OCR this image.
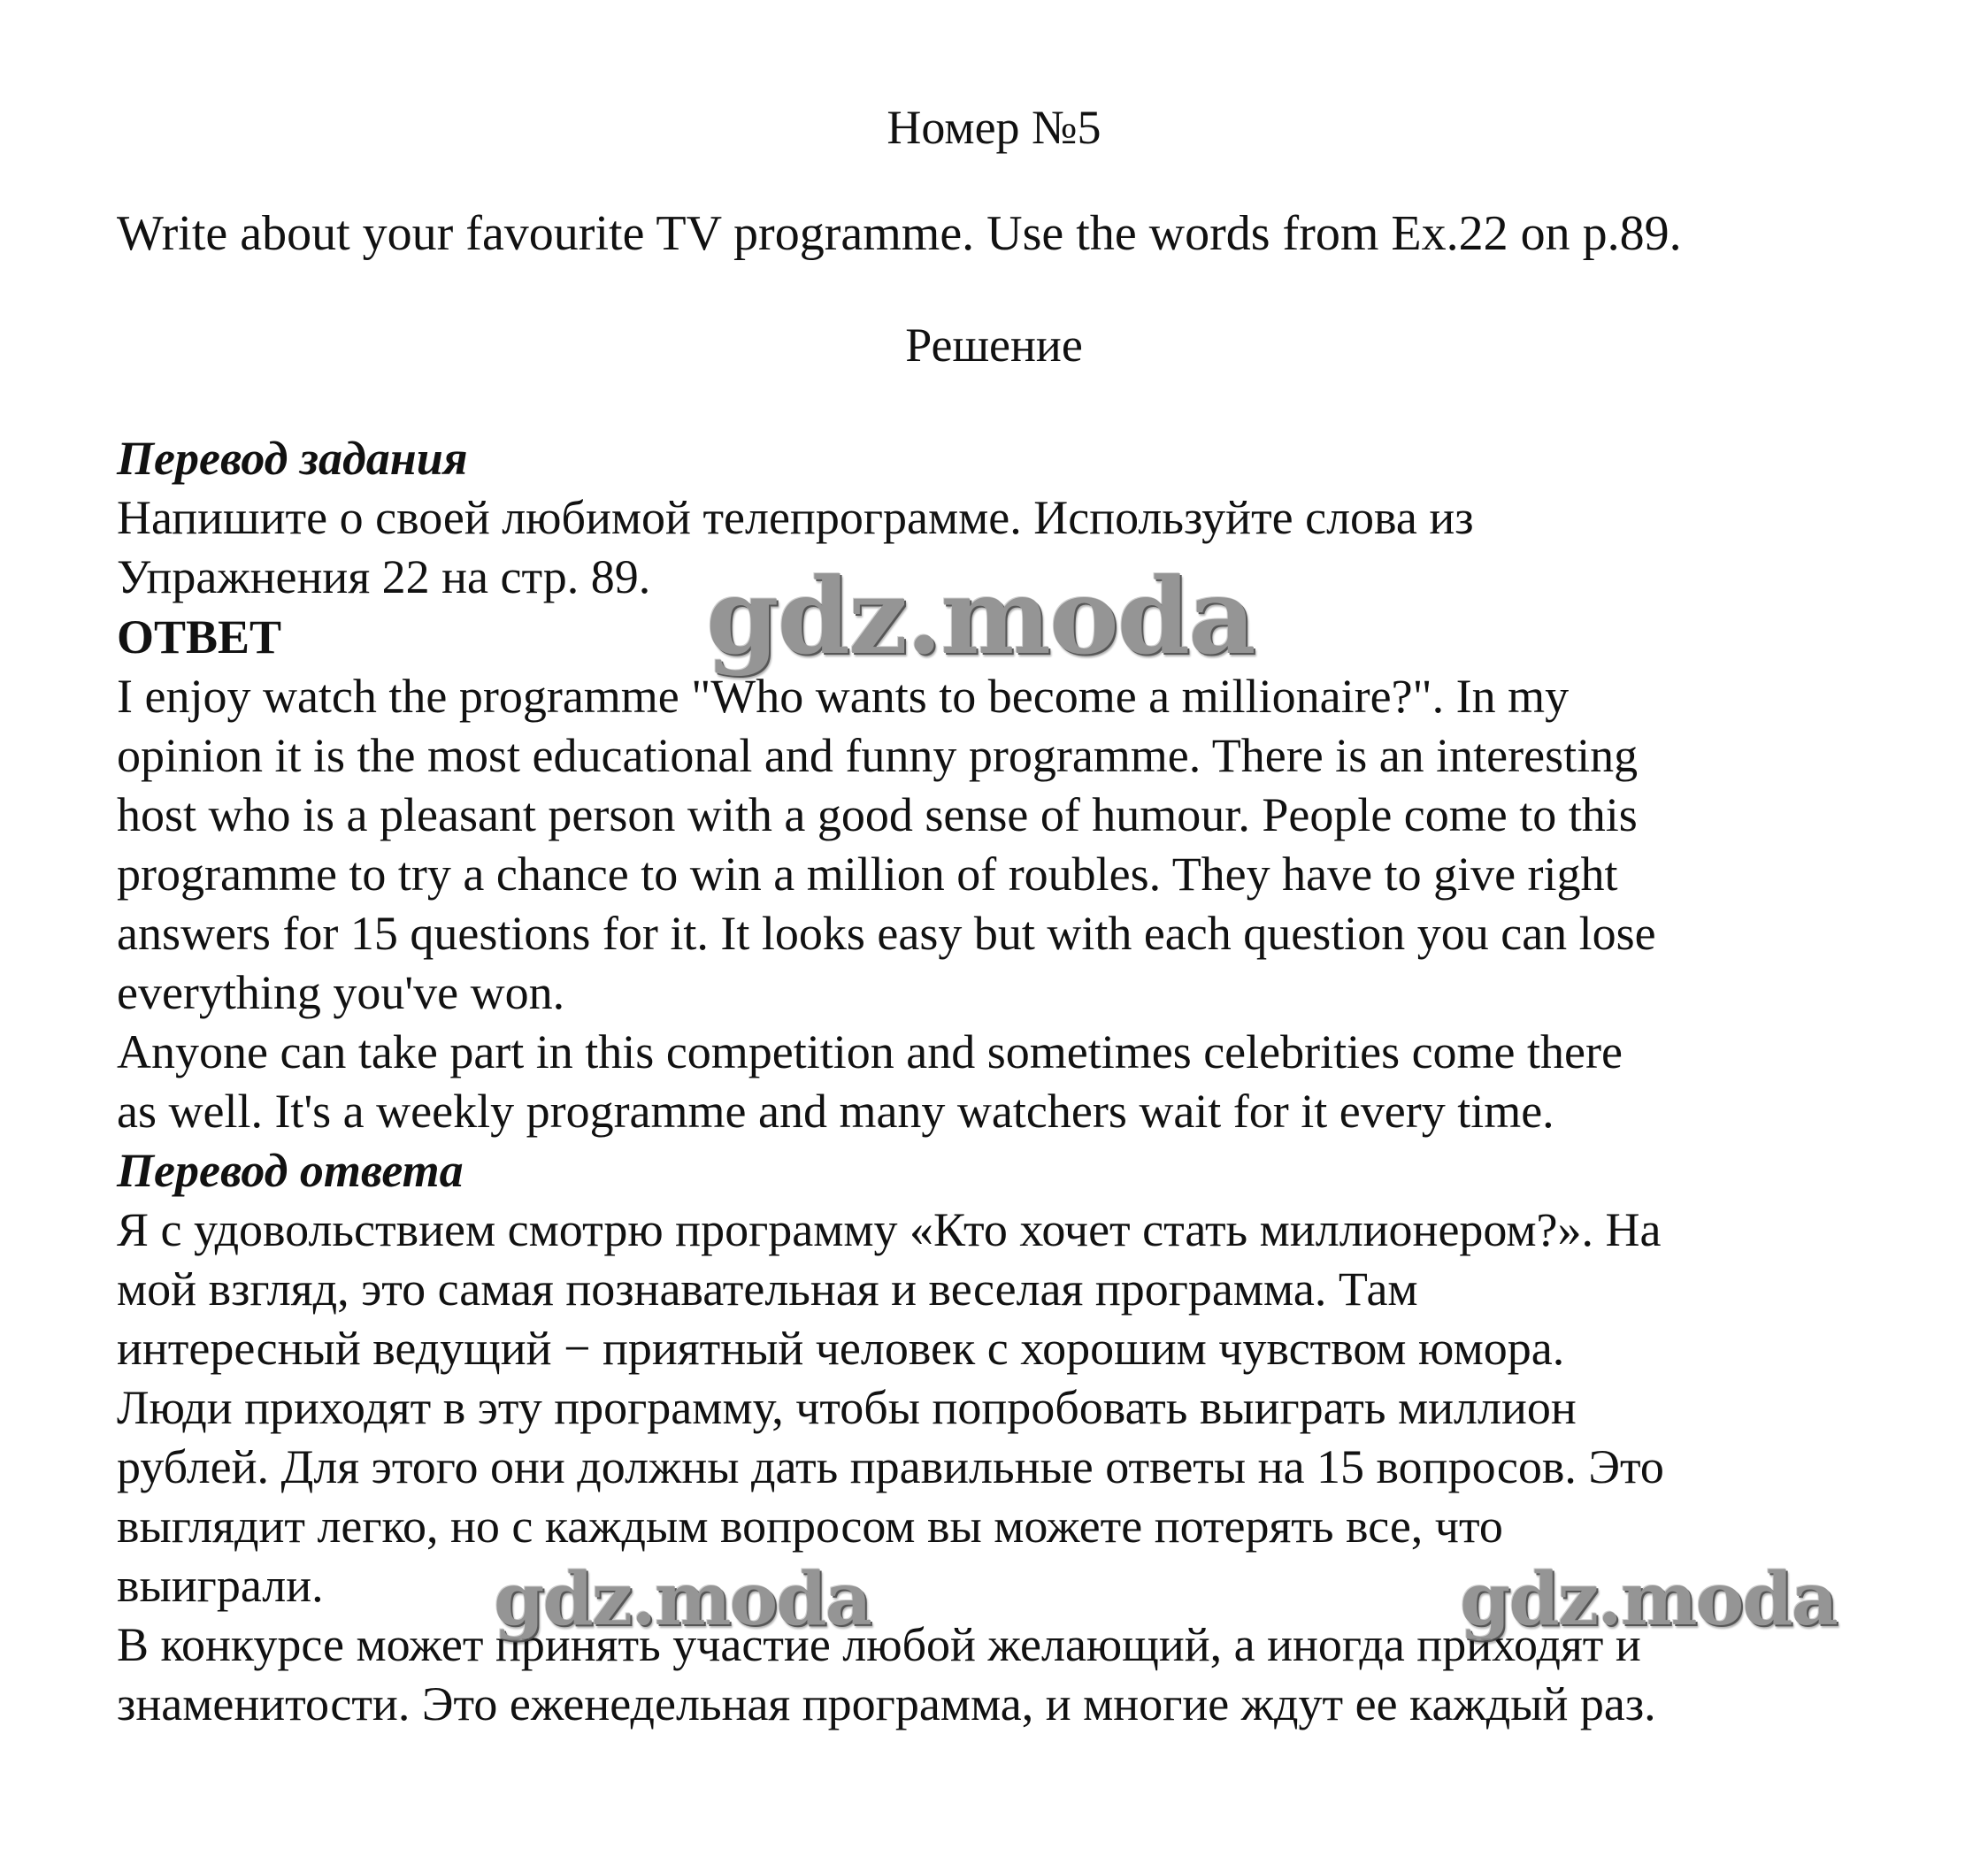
Номер №5
Write about your favourite TV programme. Use the words from Ex.22 on p.89.
Решение
Перевод задания
Напишите о своей любимой телепрограмме. Используйте слова из
Упражнения 22 на стр. 89.
ОТВЕТ
I enjoy watch the programme "Who wants to become a millionaire?". In my
opinion it is the most educational and funny programme. There is an interesting
host who is a pleasant person with a good sense of humour. People come to this
programme to try a chance to win a million of roubles. They have to give right
answers for 15 questions for it. It looks easy but with each question you can lose
everything you've won.
Anyone can take part in this competition and sometimes celebrities come there
as well. It's a weekly programme and many watchers wait for it every time.
Перевод ответа
Я с удовольствием смотрю программу «Кто хочет стать миллионером?». На
мой взгляд, это самая познавательная и веселая программа. Там
интересный ведущий − приятный человек с хорошим чувством юмора.
Люди приходят в эту программу, чтобы попробовать выиграть миллион
рублей. Для этого они должны дать правильные ответы на 15 вопросов. Это
выглядит легко, но с каждым вопросом вы можете потерять все, что
выиграли.
В конкурсе может принять участие любой желающий, а иногда приходят и
знаменитости. Это еженедельная программа, и многие ждут ее каждый раз.
gdz.moda
gdz.moda	gdz.moda
